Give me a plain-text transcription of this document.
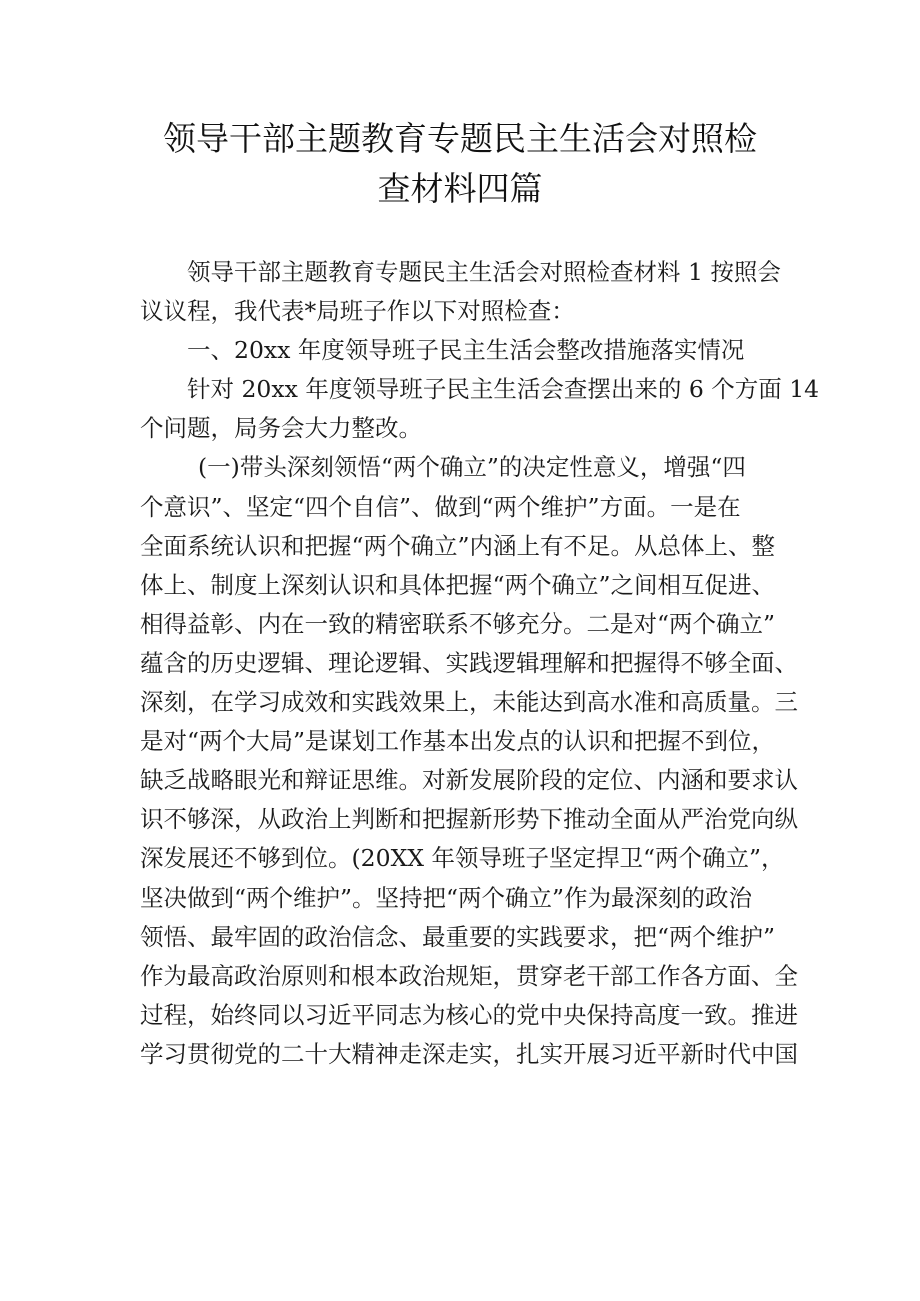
领导干部主题教育专题民主生活会对照检
查材料四篇

领导干部主题教育专题民主生活会对照检查材料 1 按照会
议议程，我代表*局班子作以下对照检查：

一、20xx 年度领导班子民主生活会整改措施落实情况

针对 20xx 年度领导班子民主生活会查摆出来的 6 个方面 14
个问题，局务会大力整改。

(一)带头深刻领悟“两个确立”的决定性意义，增强“四
个意识”、坚定“四个自信”、做到“两个维护”方面。一是在
全面系统认识和把握“两个确立”内涵上有不足。从总体上、整
体上、制度上深刻认识和具体把握“两个确立”之间相互促进、
相得益彰、内在一致的精密联系不够充分。二是对“两个确立”
蕴含的历史逻辑、理论逻辑、实践逻辑理解和把握得不够全面、
深刻，在学习成效和实践效果上，未能达到高水准和高质量。三
是对“两个大局”是谋划工作基本出发点的认识和把握不到位，
缺乏战略眼光和辩证思维。对新发展阶段的定位、内涵和要求认
识不够深，从政治上判断和把握新形势下推动全面从严治党向纵
深发展还不够到位。(20XX 年领导班子坚定捍卫“两个确立”，
坚决做到“两个维护”。坚持把“两个确立”作为最深刻的政治
领悟、最牢固的政治信念、最重要的实践要求，把“两个维护”
作为最高政治原则和根本政治规矩，贯穿老干部工作各方面、全
过程，始终同以习近平同志为核心的党中央保持高度一致。推进
学习贯彻党的二十大精神走深走实，扎实开展习近平新时代中国
